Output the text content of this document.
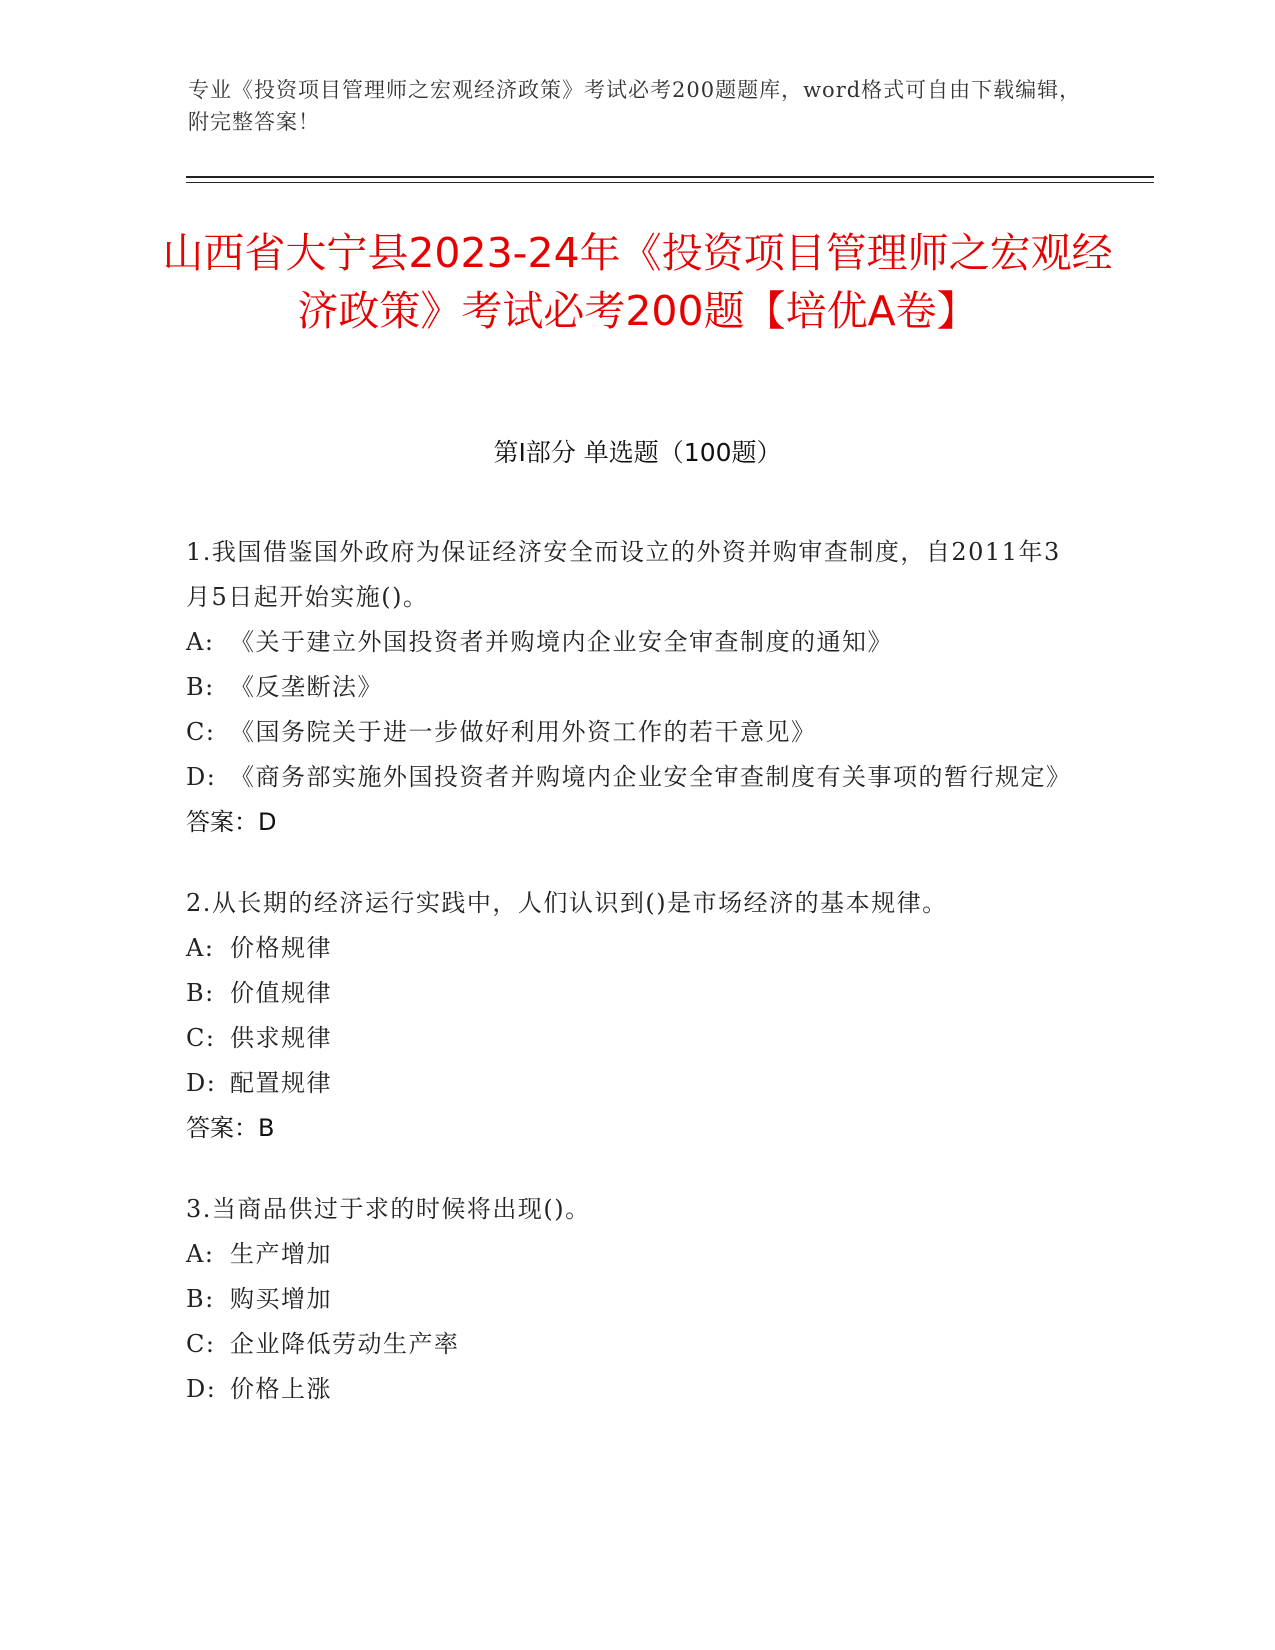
专业《投资项目管理师之宏观经济政策》考试必考200题题库，word格式可自由下载编辑，附完整答案！
山西省大宁县2023-24年《投资项目管理师之宏观经济政策》考试必考200题【培优A卷】
第I部分 单选题（100题）
1.我国借鉴国外政府为保证经济安全而设立的外资并购审查制度，自2011年3月5日起开始实施()。
A: 《关于建立外国投资者并购境内企业安全审查制度的通知》
B: 《反垄断法》
C: 《国务院关于进一步做好利用外资工作的若干意见》
D: 《商务部实施外国投资者并购境内企业安全审查制度有关事项的暂行规定》
答案：D
2.从长期的经济运行实践中，人们认识到()是市场经济的基本规律。
A: 价格规律
B: 价值规律
C: 供求规律
D: 配置规律
答案：B
3.当商品供过于求的时候将出现()。
A: 生产增加
B: 购买增加
C: 企业降低劳动生产率
D: 价格上涨
